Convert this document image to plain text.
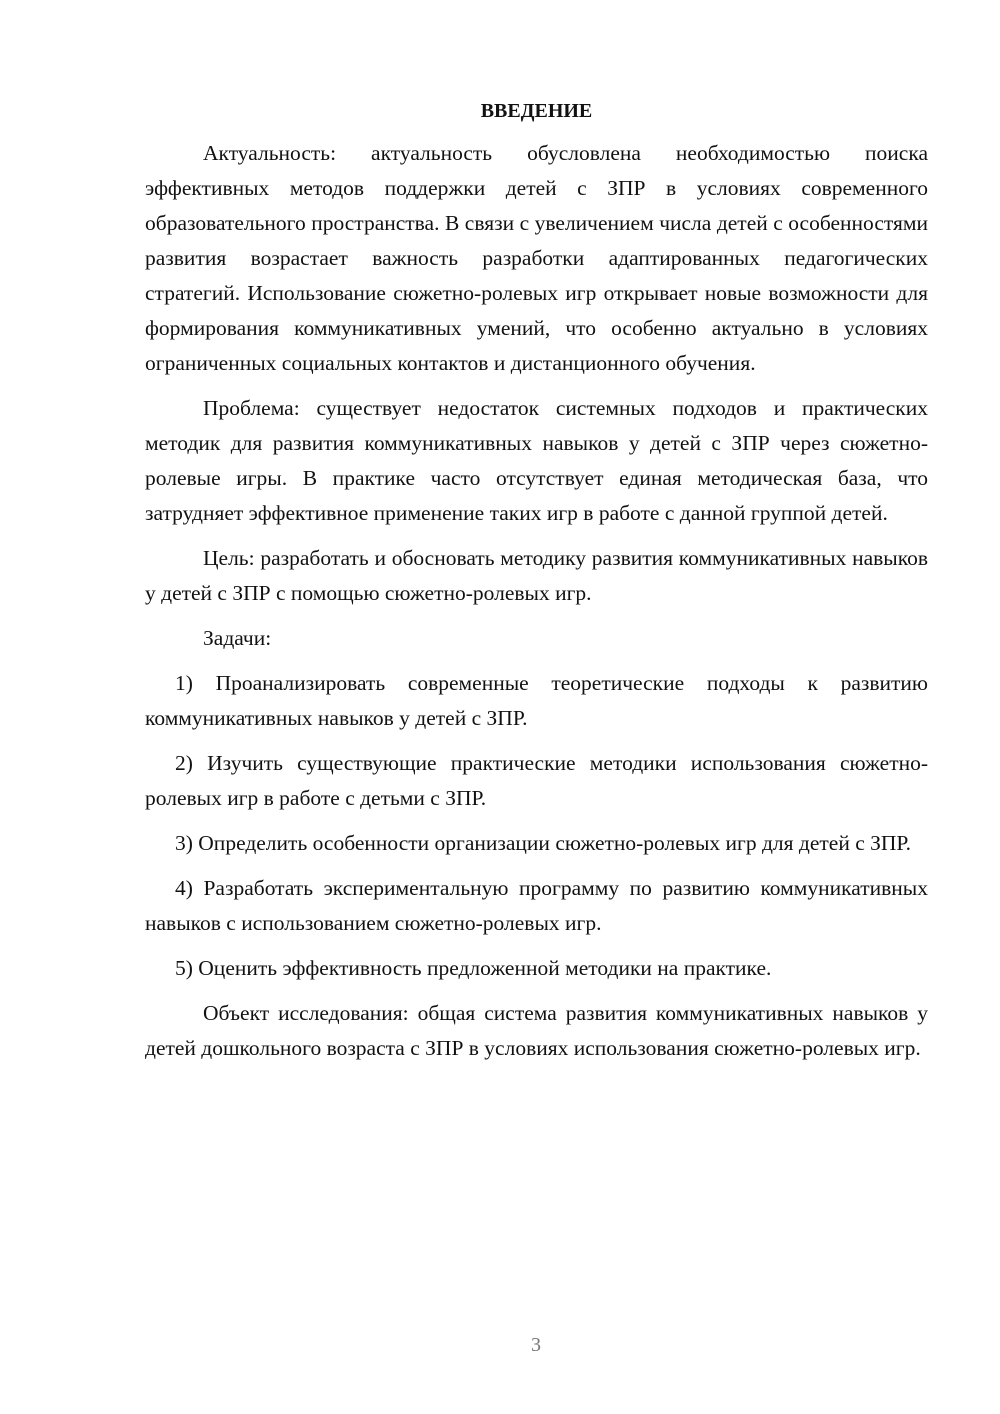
ВВЕДЕНИЕ

Актуальность: актуальность обусловлена необходимостью поиска эффективных методов поддержки детей с ЗПР в условиях современного образовательного пространства. В связи с увеличением числа детей с особенностями развития возрастает важность разработки адаптированных педагогических стратегий. Использование сюжетно-ролевых игр открывает новые возможности для формирования коммуникативных умений, что особенно актуально в условиях ограниченных социальных контактов и дистанционного обучения.

Проблема: существует недостаток системных подходов и практических методик для развития коммуникативных навыков у детей с ЗПР через сюжетно-ролевые игры. В практике часто отсутствует единая методическая база, что затрудняет эффективное применение таких игр в работе с данной группой детей.

Цель: разработать и обосновать методику развития коммуникативных навыков у детей с ЗПР с помощью сюжетно-ролевых игр.

Задачи:

1) Проанализировать современные теоретические подходы к развитию коммуникативных навыков у детей с ЗПР.

2) Изучить существующие практические методики использования сюжетно-ролевых игр в работе с детьми с ЗПР.

3) Определить особенности организации сюжетно-ролевых игр для детей с ЗПР.

4) Разработать экспериментальную программу по развитию коммуникативных навыков с использованием сюжетно-ролевых игр.

5) Оценить эффективность предложенной методики на практике.

Объект исследования: общая система развития коммуникативных навыков у детей дошкольного возраста с ЗПР в условиях использования сюжетно-ролевых игр.

3
